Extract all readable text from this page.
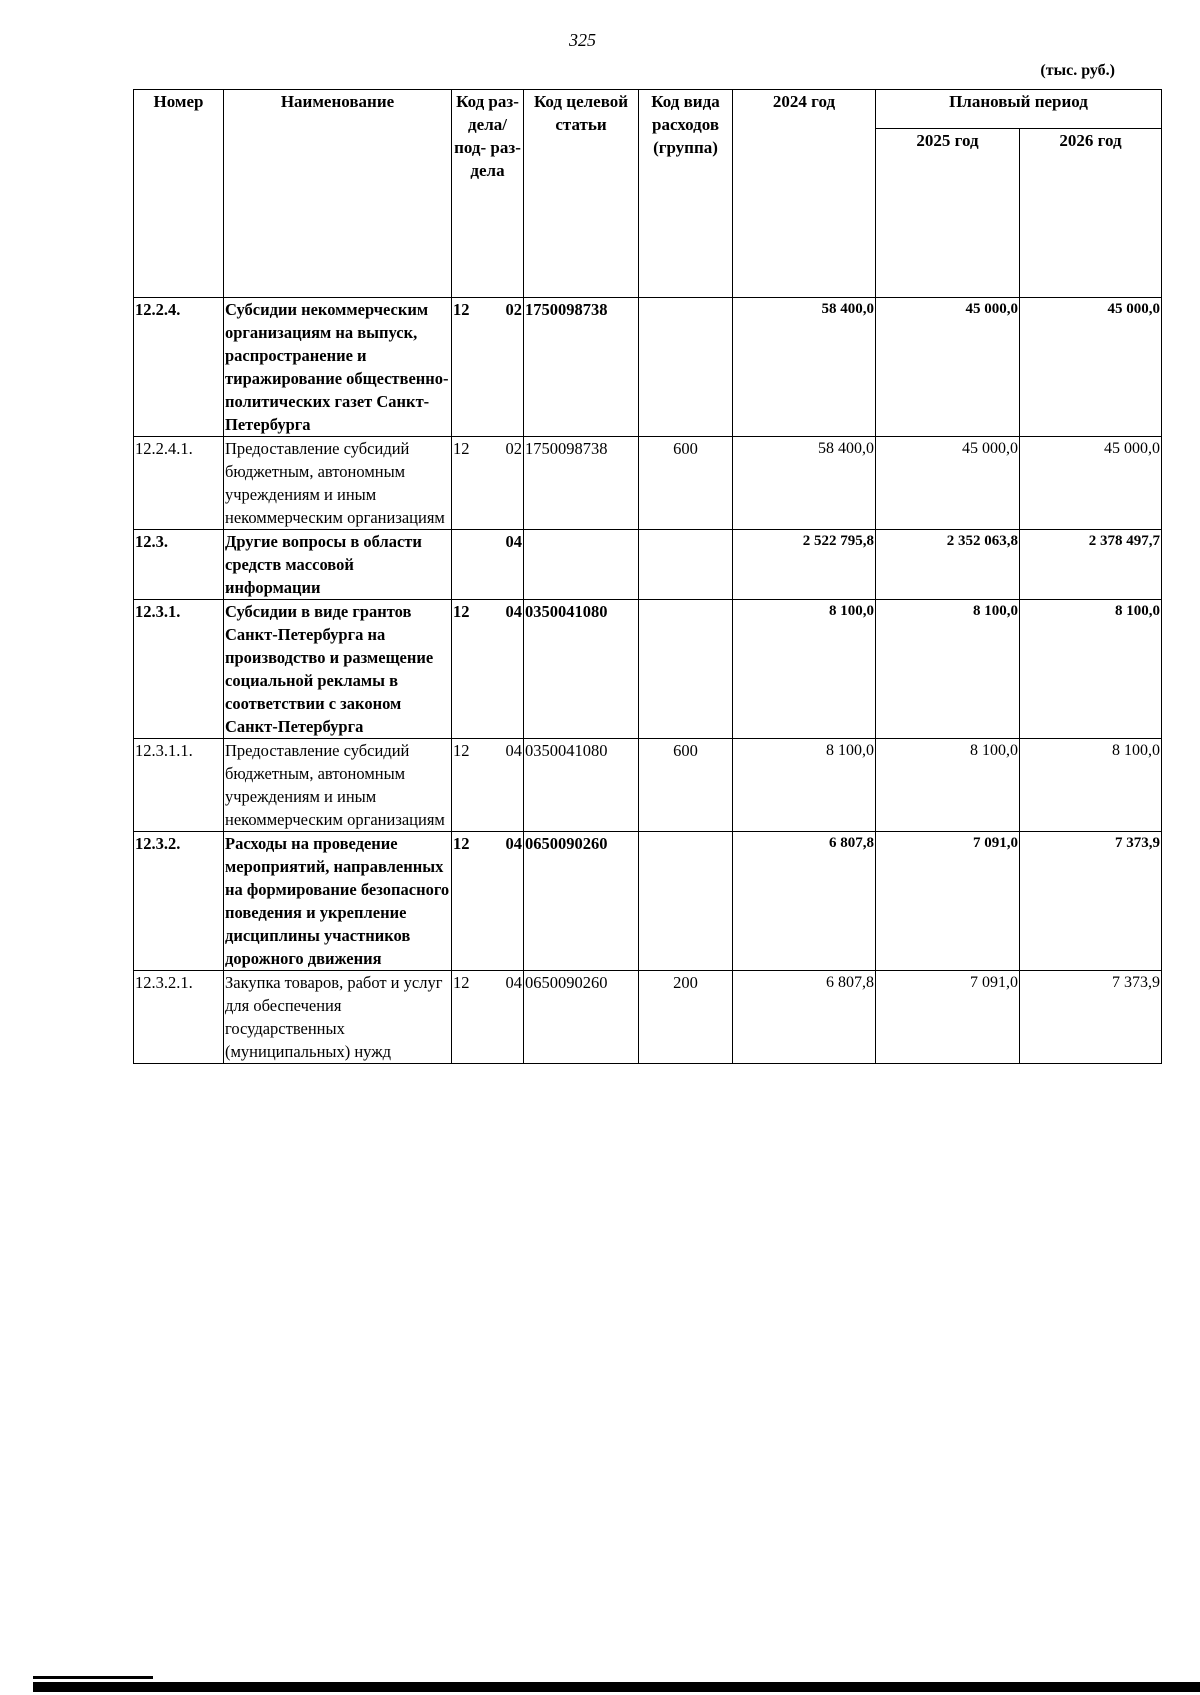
325
(тыс. руб.)
Номер	Наименование	Код раз- дела/ под- раз- дела	Код целевой статьи	Код вида расходов (группа)	2024 год	Плановый период	
						2025 год	2026 год
12.2.4.	Субсидии некоммерческим организациям на выпуск, распространение и тиражирование общественно-политических газет Санкт-Петербурга	12 02	1750098738		58 400,0	45 000,0	45 000,0
12.2.4.1.	Предоставление субсидий бюджетным, автономным учреждениям и иным некоммерческим организациям	12 02	1750098738	600	58 400,0	45 000,0	45 000,0
12.3.	Другие вопросы в области средств массовой информации	04			2 522 795,8	2 352 063,8	2 378 497,7
12.3.1.	Субсидии в виде грантов Санкт-Петербурга на производство и размещение социальной рекламы в соответствии с законом Санкт-Петербурга	12 04	0350041080		8 100,0	8 100,0	8 100,0
12.3.1.1.	Предоставление субсидий бюджетным, автономным учреждениям и иным некоммерческим организациям	12 04	0350041080	600	8 100,0	8 100,0	8 100,0
12.3.2.	Расходы на проведение мероприятий, направленных на формирование безопасного поведения и укрепление дисциплины участников дорожного движения	12 04	0650090260		6 807,8	7 091,0	7 373,9
12.3.2.1.	Закупка товаров, работ и услуг для обеспечения государственных (муниципальных) нужд	12 04	0650090260	200	6 807,8	7 091,0	7 373,9
